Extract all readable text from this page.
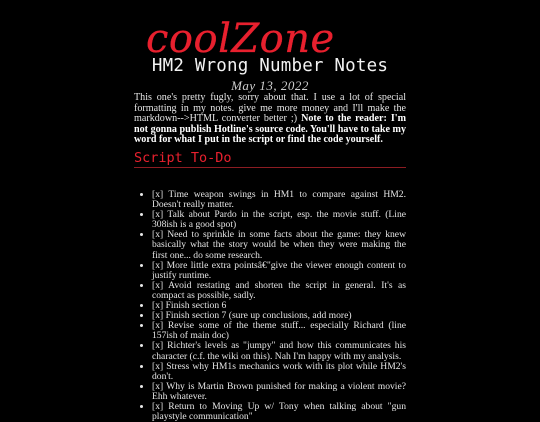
coolZone
HM2 Wrong Number Notes
May 13, 2022

This one's pretty fugly, sorry about that. I use a lot of special formatting in my notes. give me more money and I'll make the markdown-->HTML converter better ;) Note to the reader: I'm not gonna publish Hotline's source code. You'll have to take my word for what I put in the script or find the code yourself.

Script To-Do
• [x] Time weapon swings in HM1 to compare against HM2. Doesn't really matter.
• [x] Talk about Pardo in the script, esp. the movie stuff. (Line 308ish is a good spot)
• [x] Need to sprinkle in some facts about the game: they knew basically what the story would be when they were making the first one... do some research.
• [x] More little extra pointsâ€"give the viewer enough content to justify runtime.
• [x] Avoid restating and shorten the script in general. It's as compact as possible, sadly.
• [x] Finish section 6
• [x] Finish section 7 (sure up conclusions, add more)
• [x] Revise some of the theme stuff... especially Richard (line 157ish of main doc)
• [x] Richter's levels as "jumpy" and how this communicates his character (c.f. the wiki on this). Nah I'm happy with my analysis.
• [x] Stress why HM1s mechanics work with its plot while HM2's don't.
• [x] Why is Martin Brown punished for making a violent movie? Ehh whatever.
• [x] Return to Moving Up w/ Tony when talking about "gun playstyle communication"
